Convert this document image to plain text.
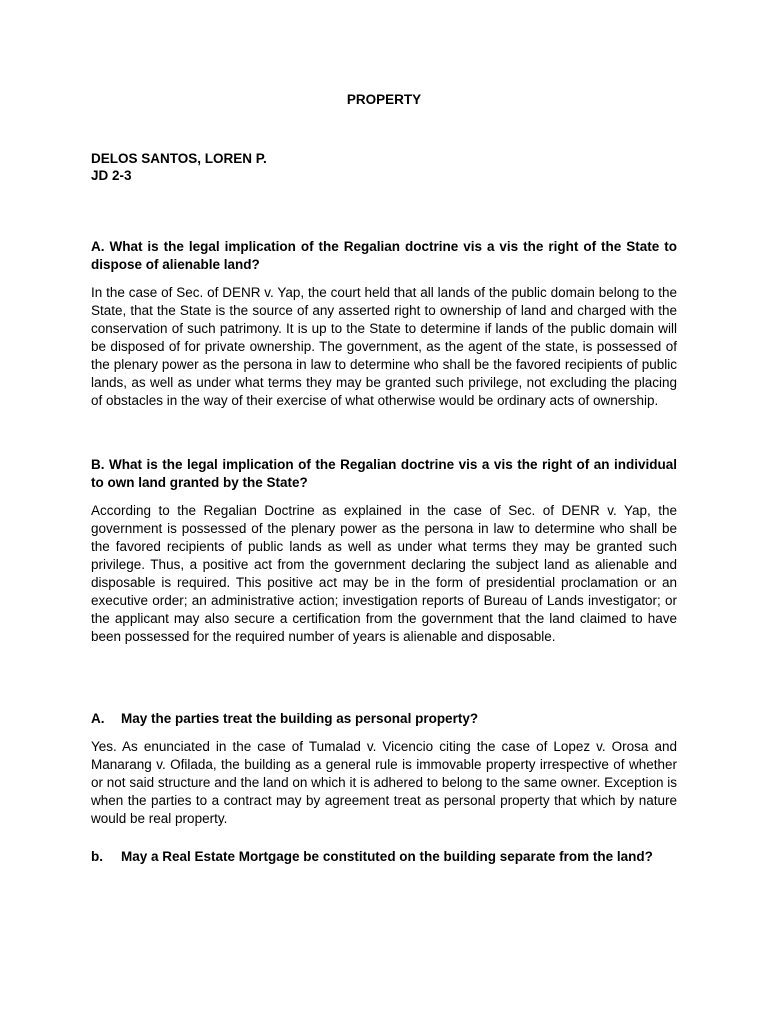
PROPERTY
DELOS SANTOS, LOREN P.
JD 2-3

A. What is the legal implication of the Regalian doctrine vis a vis the right of the State to dispose of alienable land?

In the case of Sec. of DENR v. Yap, the court held that all lands of the public domain belong to the State, that the State is the source of any asserted right to ownership of land and charged with the conservation of such patrimony. It is up to the State to determine if lands of the public domain will be disposed of for private ownership. The government, as the agent of the state, is possessed of the plenary power as the persona in law to determine who shall be the favored recipients of public lands, as well as under what terms they may be granted such privilege, not excluding the placing of obstacles in the way of their exercise of what otherwise would be ordinary acts of ownership.

B. What is the legal implication of the Regalian doctrine vis a vis the right of an individual to own land granted by the State?

According to the Regalian Doctrine as explained in the case of Sec. of DENR v. Yap, the government is possessed of the plenary power as the persona in law to determine who shall be the favored recipients of public lands as well as under what terms they may be granted such privilege. Thus, a positive act from the government declaring the subject land as alienable and disposable is required. This positive act may be in the form of presidential proclamation or an executive order; an administrative action; investigation reports of Bureau of Lands investigator; or the applicant may also secure a certification from the government that the land claimed to have been possessed for the required number of years is alienable and disposable.

A.	May the parties treat the building as personal property?

Yes. As enunciated in the case of Tumalad v. Vicencio citing the case of Lopez v. Orosa and Manarang v. Ofilada, the building as a general rule is immovable property irrespective of whether or not said structure and the land on which it is adhered to belong to the same owner. Exception is when the parties to a contract may by agreement treat as personal property that which by nature would be real property.

b.	May a Real Estate Mortgage be constituted on the building separate from the land?
